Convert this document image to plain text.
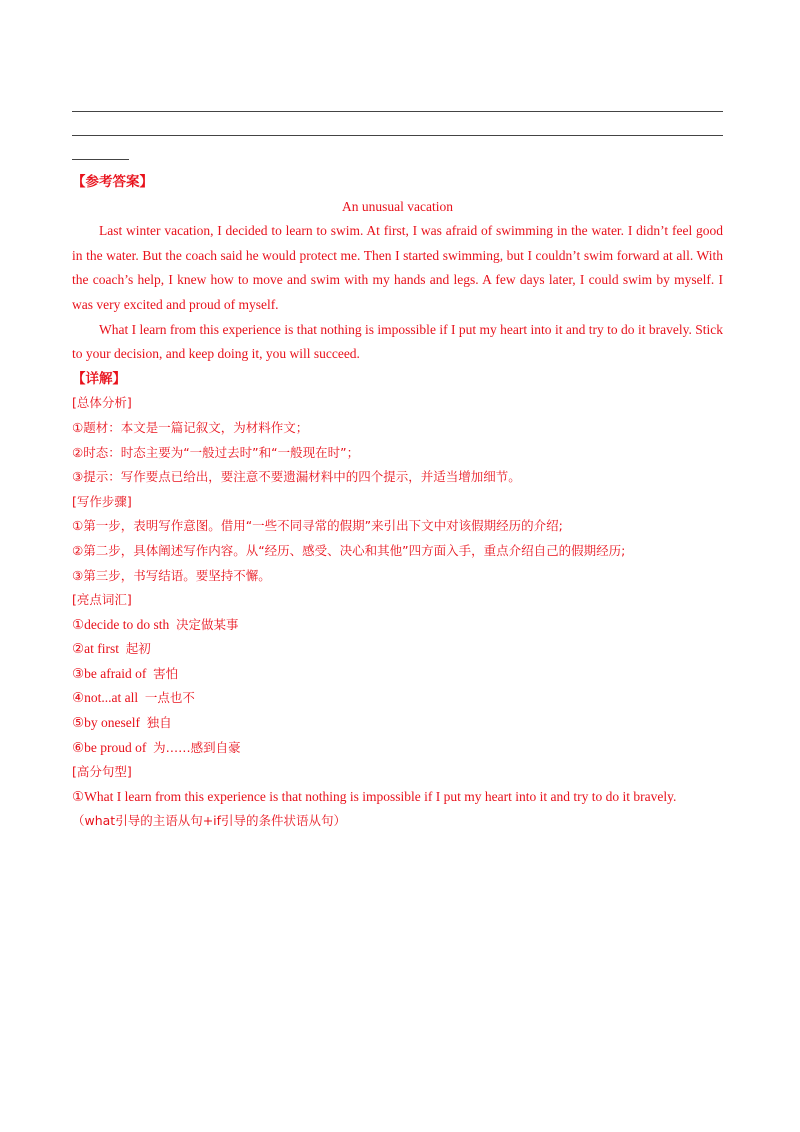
【参考答案】
An unusual vacation
Last winter vacation, I decided to learn to swim. At first, I was afraid of swimming in the water. I didn’t feel good in the water. But the coach said he would protect me. Then I started swimming, but I couldn’t swim forward at all. With the coach’s help, I knew how to move and swim with my hands and legs. A few days later, I could swim by myself. I was very excited and proud of myself.
What I learn from this experience is that nothing is impossible if I put my heart into it and try to do it bravely. Stick to your decision, and keep doing it, you will succeed.
【详解】
[总体分析]
①题材：本文是一篇记叙文，为材料作文；
②时态：时态主要为“一般过去时”和“一般现在时”；
③提示：写作要点已给出，要注意不要遗漏材料中的四个提示，并适当增加细节。
[写作步骤]
①第一步，表明写作意图。借用“一些不同寻常的假期”来引出下文中对该假期经历的介绍;
②第二步，具体阐述写作内容。从“经历、感受、决心和其他”四方面入手，重点介绍自己的假期经历;
③第三步，书写结语。要坚持不懈。
[亮点词汇]
①decide to do sth 决定做某事
②at first 起初
③be afraid of 害怕
④not...at all 一点也不
⑤by oneself 独自
⑥be proud of 为……感到自豪
[高分句型]
①What I learn from this experience is that nothing is impossible if I put my heart into it and try to do it bravely.
（what引导的主语从句+if引导的条件状语从句）
